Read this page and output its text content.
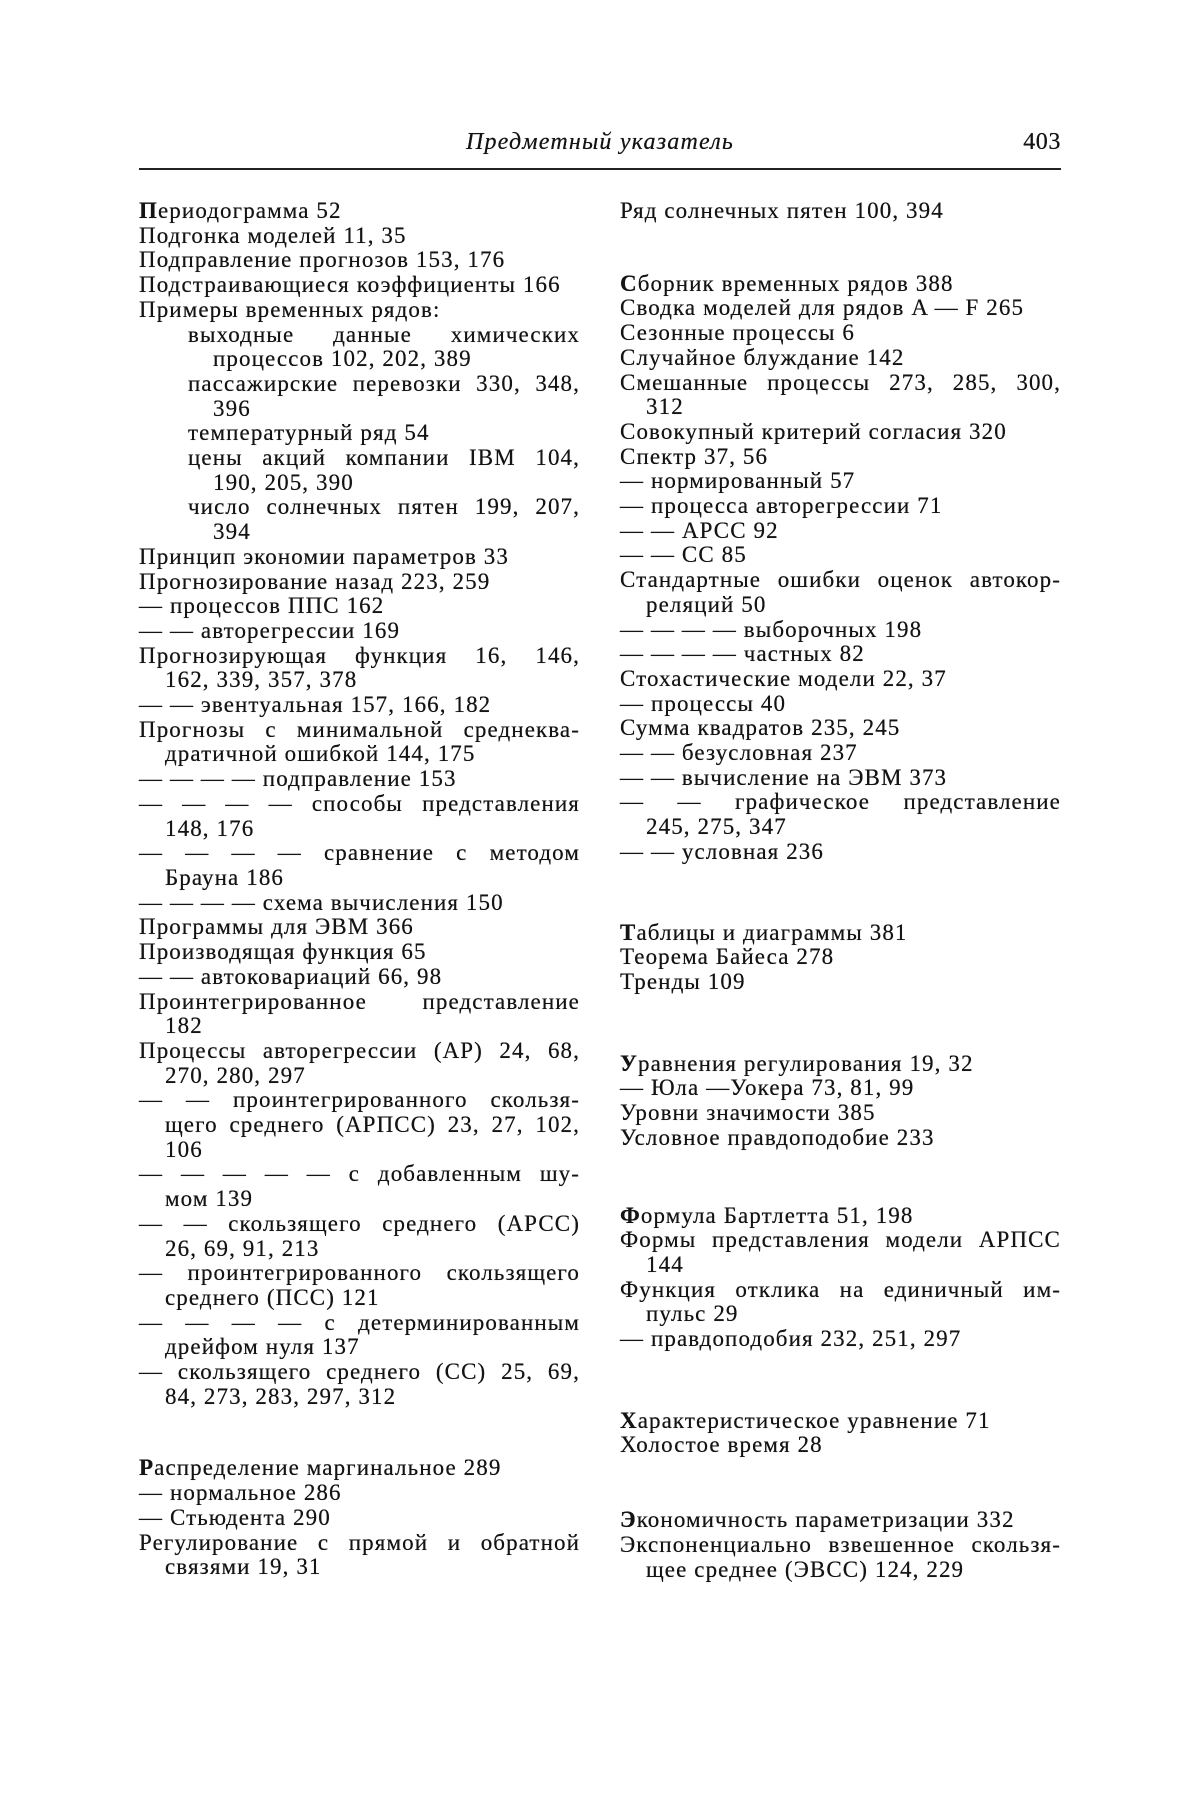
Предметный указатель	403
Периодограмма 52
Подгонка моделей 11, 35
Подправление прогнозов 153, 176
Подстраивающиеся коэффициенты 166
Примеры временных рядов:
выходные данные химических
процессов 102, 202, 389
пассажирские перевозки 330, 348,
396
температурный ряд 54
цены акций компании IBM 104,
190, 205, 390
число солнечных пятен 199, 207,
394
Принцип экономии параметров 33
Прогнозирование назад 223, 259
— процессов ППС 162
— — авторегрессии 169
Прогнозирующая функция 16, 146,
162, 339, 357, 378
— — эвентуальная 157, 166, 182
Прогнозы с минимальной среднеква-
дратичной ошибкой 144, 175
— — — — подправление 153
— — — — способы представления
148, 176
— — — — сравнение с методом
Брауна 186
— — — — схема вычисления 150
Программы для ЭВМ 366
Производящая функция 65
— — автоковариаций 66, 98
Проинтегрированное представление
182
Процессы авторегрессии (АР) 24, 68,
270, 280, 297
— — проинтегрированного скользя-
щего среднего (АРПСС) 23, 27, 102,
106
— — — — — с добавленным шу-
мом 139
— — скользящего среднего (АРСС)
26, 69, 91, 213
— проинтегрированного скользящего
среднего (ПСС) 121
— — — — с детерминированным
дрейфом нуля 137
— скользящего среднего (СС) 25, 69,
84, 273, 283, 297, 312
Распределение маргинальное 289
— нормальное 286
— Стьюдента 290
Регулирование с прямой и обратной
связями 19, 31
Ряд солнечных пятен 100, 394
Сборник временных рядов 388
Сводка моделей для рядов A — F 265
Сезонные процессы 6
Случайное блуждание 142
Смешанные процессы 273, 285, 300,
312
Совокупный критерий согласия 320
Спектр 37, 56
— нормированный 57
— процесса авторегрессии 71
— — АРСС 92
— — СС 85
Стандартные ошибки оценок автокор-
реляций 50
— — — — выборочных 198
— — — — частных 82
Стохастические модели 22, 37
— процессы 40
Сумма квадратов 235, 245
— — безусловная 237
— — вычисление на ЭВМ 373
— — графическое представление
245, 275, 347
— — условная 236
Таблицы и диаграммы 381
Теорема Байеса 278
Тренды 109
Уравнения регулирования 19, 32
— Юла —Уокера 73, 81, 99
Уровни значимости 385
Условное правдоподобие 233
Формула Бартлетта 51, 198
Формы представления модели АРПСС
144
Функция отклика на единичный им-
пульс 29
— правдоподобия 232, 251, 297
Характеристическое уравнение 71
Холостое время 28
Экономичность параметризации 332
Экспоненциально взвешенное скользя-
щее среднее (ЭВСС) 124, 229
